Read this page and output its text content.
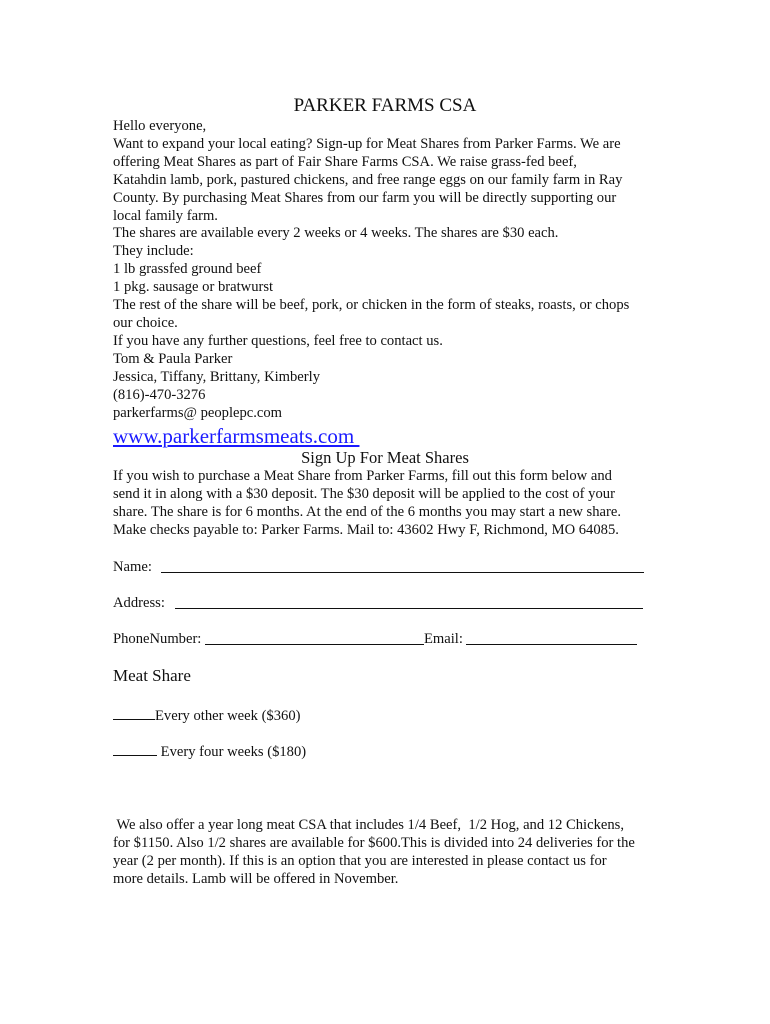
PARKER FARMS CSA
Hello everyone,
Want to expand your local eating? Sign-up for Meat Shares from Parker Farms. We are
offering Meat Shares as part of Fair Share Farms CSA. We raise grass-fed beef,
Katahdin lamb, pork, pastured chickens, and free range eggs on our family farm in Ray
County. By purchasing Meat Shares from our farm you will be directly supporting our
local family farm.
The shares are available every 2 weeks or 4 weeks. The shares are $30 each.
They include:
1 lb grassfed ground beef
1 pkg. sausage or bratwurst
The rest of the share will be beef, pork, or chicken in the form of steaks, roasts, or chops
our choice.
If you have any further questions, feel free to contact us.
Tom & Paula Parker
Jessica, Tiffany, Brittany, Kimberly
(816)-470-3276
parkerfarms@ peoplepc.com
www.parkerfarmsmeats.com
Sign Up For Meat Shares
If you wish to purchase a Meat Share from Parker Farms, fill out this form below and
send it in along with a $30 deposit. The $30 deposit will be applied to the cost of your
share. The share is for 6 months. At the end of the 6 months you may start a new share.
Make checks payable to: Parker Farms. Mail to: 43602 Hwy F, Richmond, MO 64085.
Name:
Address:
PhoneNumber:	Email:
Meat Share
Every other week ($360)
Every four weeks ($180)
We also offer a year long meat CSA that includes 1/4 Beef,  1/2 Hog, and 12 Chickens,
for $1150. Also 1/2 shares are available for $600.This is divided into 24 deliveries for the
year (2 per month). If this is an option that you are interested in please contact us for
more details. Lamb will be offered in November.
